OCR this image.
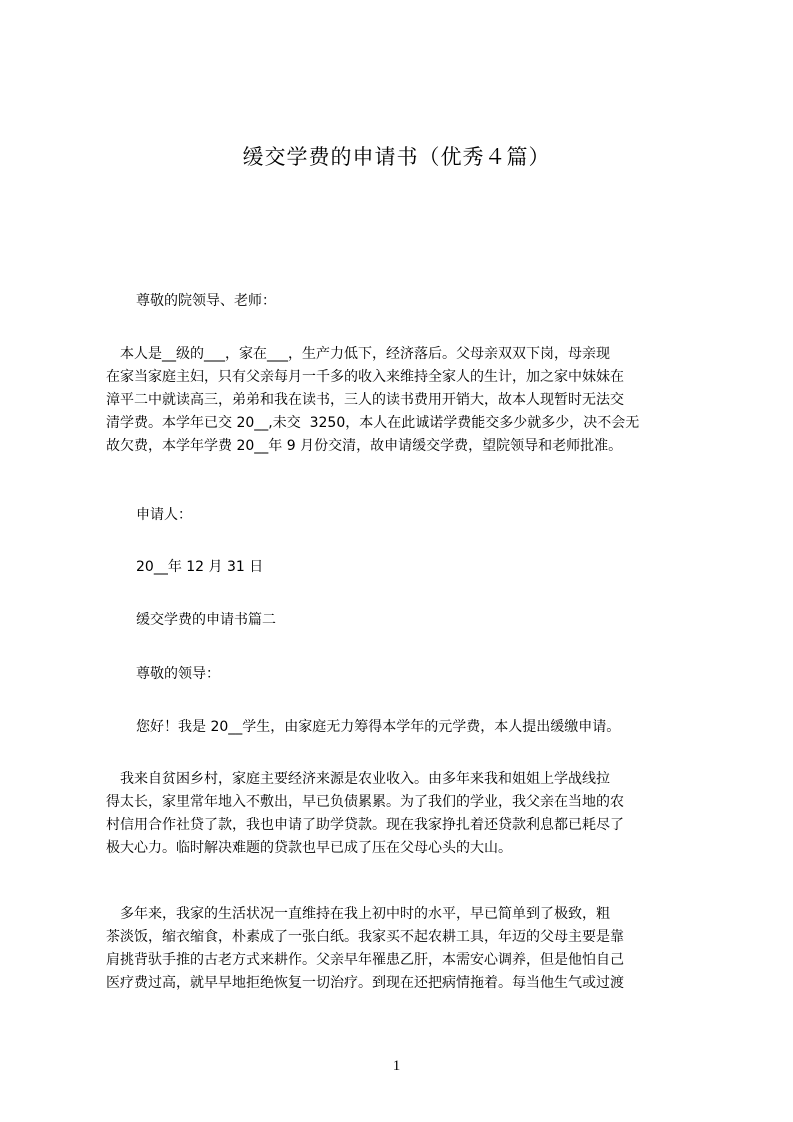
缓交学费的申请书（优秀４篇）

尊敬的院领导、老师：

　本人是__级的___，家在___，生产力低下，经济落后。父母亲双双下岗，母亲现
在家当家庭主妇，只有父亲每月一千多的收入来维持全家人的生计，加之家中妹妹在
漳平二中就读高三，弟弟和我在读书，三人的读书费用开销大，故本人现暂时无法交
清学费。本学年已交 20__,未交  3250，本人在此诚诺学费能交多少就多少，决不会无
故欠费，本学年学费 20__年 9 月份交清，故申请缓交学费，望院领导和老师批准。

申请人：

20__年 12 月 31 日

缓交学费的申请书篇二

尊敬的领导：

您好！我是 20__学生，由家庭无力筹得本学年的元学费，本人提出缓缴申请。

　我来自贫困乡村，家庭主要经济来源是农业收入。由多年来我和姐姐上学战线拉
得太长，家里常年地入不敷出，早已负债累累。为了我们的学业，我父亲在当地的农
村信用合作社贷了款，我也申请了助学贷款。现在我家挣扎着还贷款利息都已耗尽了
极大心力。临时解决难题的贷款也早已成了压在父母心头的大山。
　多年来，我家的生活状况一直维持在我上初中时的水平，早已简单到了极致，粗
茶淡饭，缩衣缩食，朴素成了一张白纸。我家买不起农耕工具，年迈的父母主要是靠
肩挑背驮手推的古老方式来耕作。父亲早年罹患乙肝，本需安心调养，但是他怕自己
医疗费过高，就早早地拒绝恢复一切治疗。到现在还把病情拖着。每当他生气或过渡
1
